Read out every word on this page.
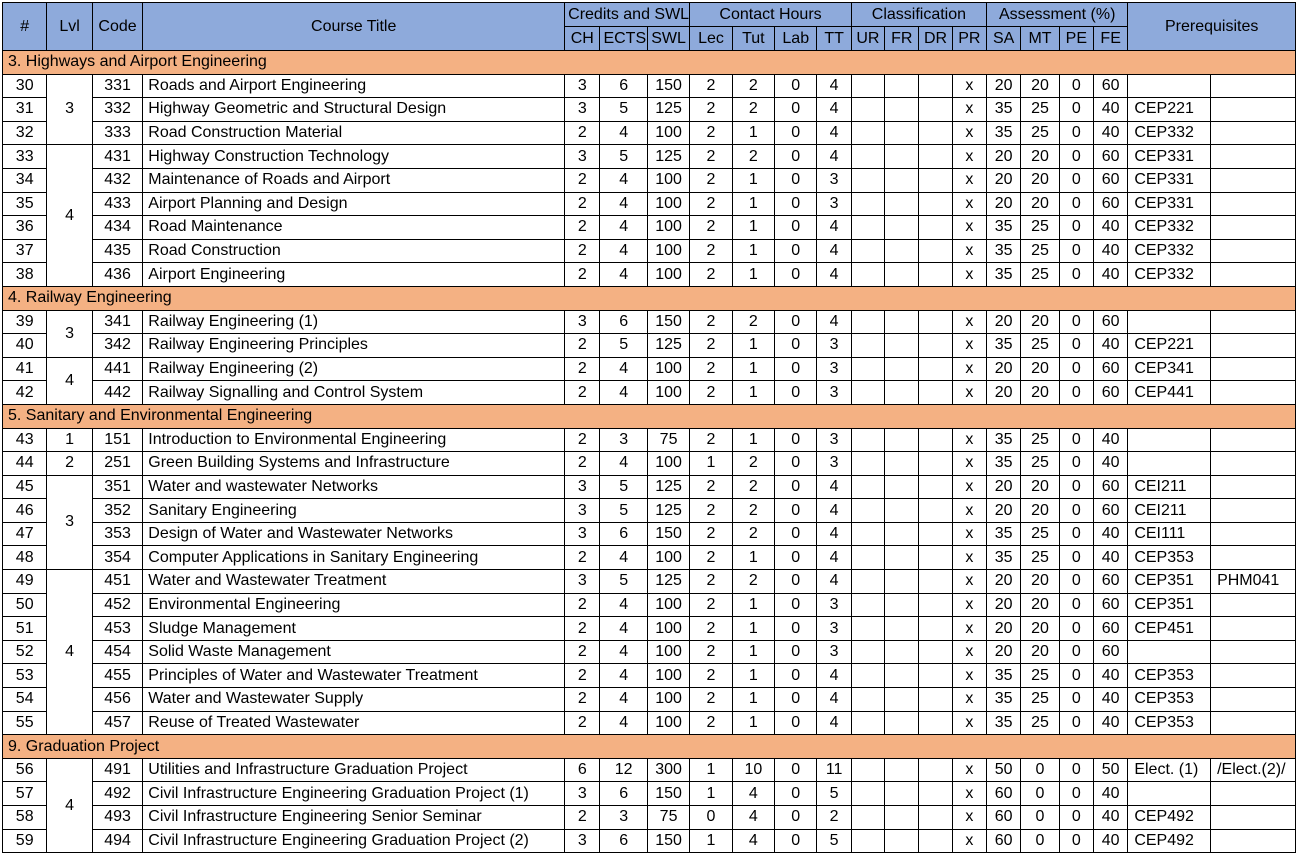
#	Lvl	Code	Course Title	Credits and SWL			Contact Hours				Classification				Assessment (%)				Prerequisites	
				CH	ECTS	SWL	Lec	Tut	Lab	TT	UR	FR	DR	PR	SA	MT	PE	FE		
3. Highways and Airport Engineering																				
30	3	331	Roads and Airport Engineering	3	6	150	2	2	0	4				x	20	20	0	60		
31		332	Highway Geometric and Structural Design	3	5	125	2	2	0	4				x	35	25	0	40	CEP221	
32		333	Road Construction Material	2	4	100	2	1	0	4				x	35	25	0	40	CEP332	
33	4	431	Highway Construction Technology	3	5	125	2	2	0	4				x	20	20	0	60	CEP331	
34		432	Maintenance of Roads and Airport	2	4	100	2	1	0	3				x	20	20	0	60	CEP331	
35		433	Airport Planning and Design	2	4	100	2	1	0	3				x	20	20	0	60	CEP331	
36		434	Road Maintenance	2	4	100	2	1	0	4				x	35	25	0	40	CEP332	
37		435	Road Construction	2	4	100	2	1	0	4				x	35	25	0	40	CEP332	
38		436	Airport Engineering	2	4	100	2	1	0	4				x	35	25	0	40	CEP332	
4. Railway Engineering																				
39	3	341	Railway Engineering (1)	3	6	150	2	2	0	4				x	20	20	0	60		
40		342	Railway Engineering Principles	2	5	125	2	1	0	3				x	35	25	0	40	CEP221	
41	4	441	Railway Engineering (2)	2	4	100	2	1	0	3				x	20	20	0	60	CEP341	
42		442	Railway Signalling and Control System	2	4	100	2	1	0	3				x	20	20	0	60	CEP441	
5. Sanitary and Environmental Engineering																				
43	1	151	Introduction to Environmental Engineering	2	3	75	2	1	0	3				x	35	25	0	40		
44	2	251	Green Building Systems and Infrastructure	2	4	100	1	2	0	3				x	35	25	0	40		
45	3	351	Water and wastewater Networks	3	5	125	2	2	0	4				x	20	20	0	60	CEI211	
46		352	Sanitary Engineering	3	5	125	2	2	0	4				x	20	20	0	60	CEI211	
47		353	Design of Water and Wastewater Networks	3	6	150	2	2	0	4				x	35	25	0	40	CEI111	
48		354	Computer Applications in Sanitary Engineering	2	4	100	2	1	0	4				x	35	25	0	40	CEP353	
49	4	451	Water and Wastewater Treatment	3	5	125	2	2	0	4				x	20	20	0	60	CEP351	PHM041
50		452	Environmental Engineering	2	4	100	2	1	0	3				x	20	20	0	60	CEP351	
51		453	Sludge Management	2	4	100	2	1	0	3				x	20	20	0	60	CEP451	
52		454	Solid Waste Management	2	4	100	2	1	0	3				x	20	20	0	60		
53		455	Principles of Water and Wastewater Treatment	2	4	100	2	1	0	4				x	35	25	0	40	CEP353	
54		456	Water and Wastewater Supply	2	4	100	2	1	0	4				x	35	25	0	40	CEP353	
55		457	Reuse of Treated Wastewater	2	4	100	2	1	0	4				x	35	25	0	40	CEP353	
9. Graduation Project																				
56	4	491	Utilities and Infrastructure Graduation Project	6	12	300	1	10	0	11				x	50	0	0	50	Elect. (1)	/Elect.(2)/
57		492	Civil Infrastructure Engineering Graduation Project (1)	3	6	150	1	4	0	5				x	60	0	0	40		
58		493	Civil Infrastructure Engineering Senior Seminar	2	3	75	0	4	0	2				x	60	0	0	40	CEP492	
59		494	Civil Infrastructure Engineering Graduation Project (2)	3	6	150	1	4	0	5				x	60	0	0	40	CEP492	
